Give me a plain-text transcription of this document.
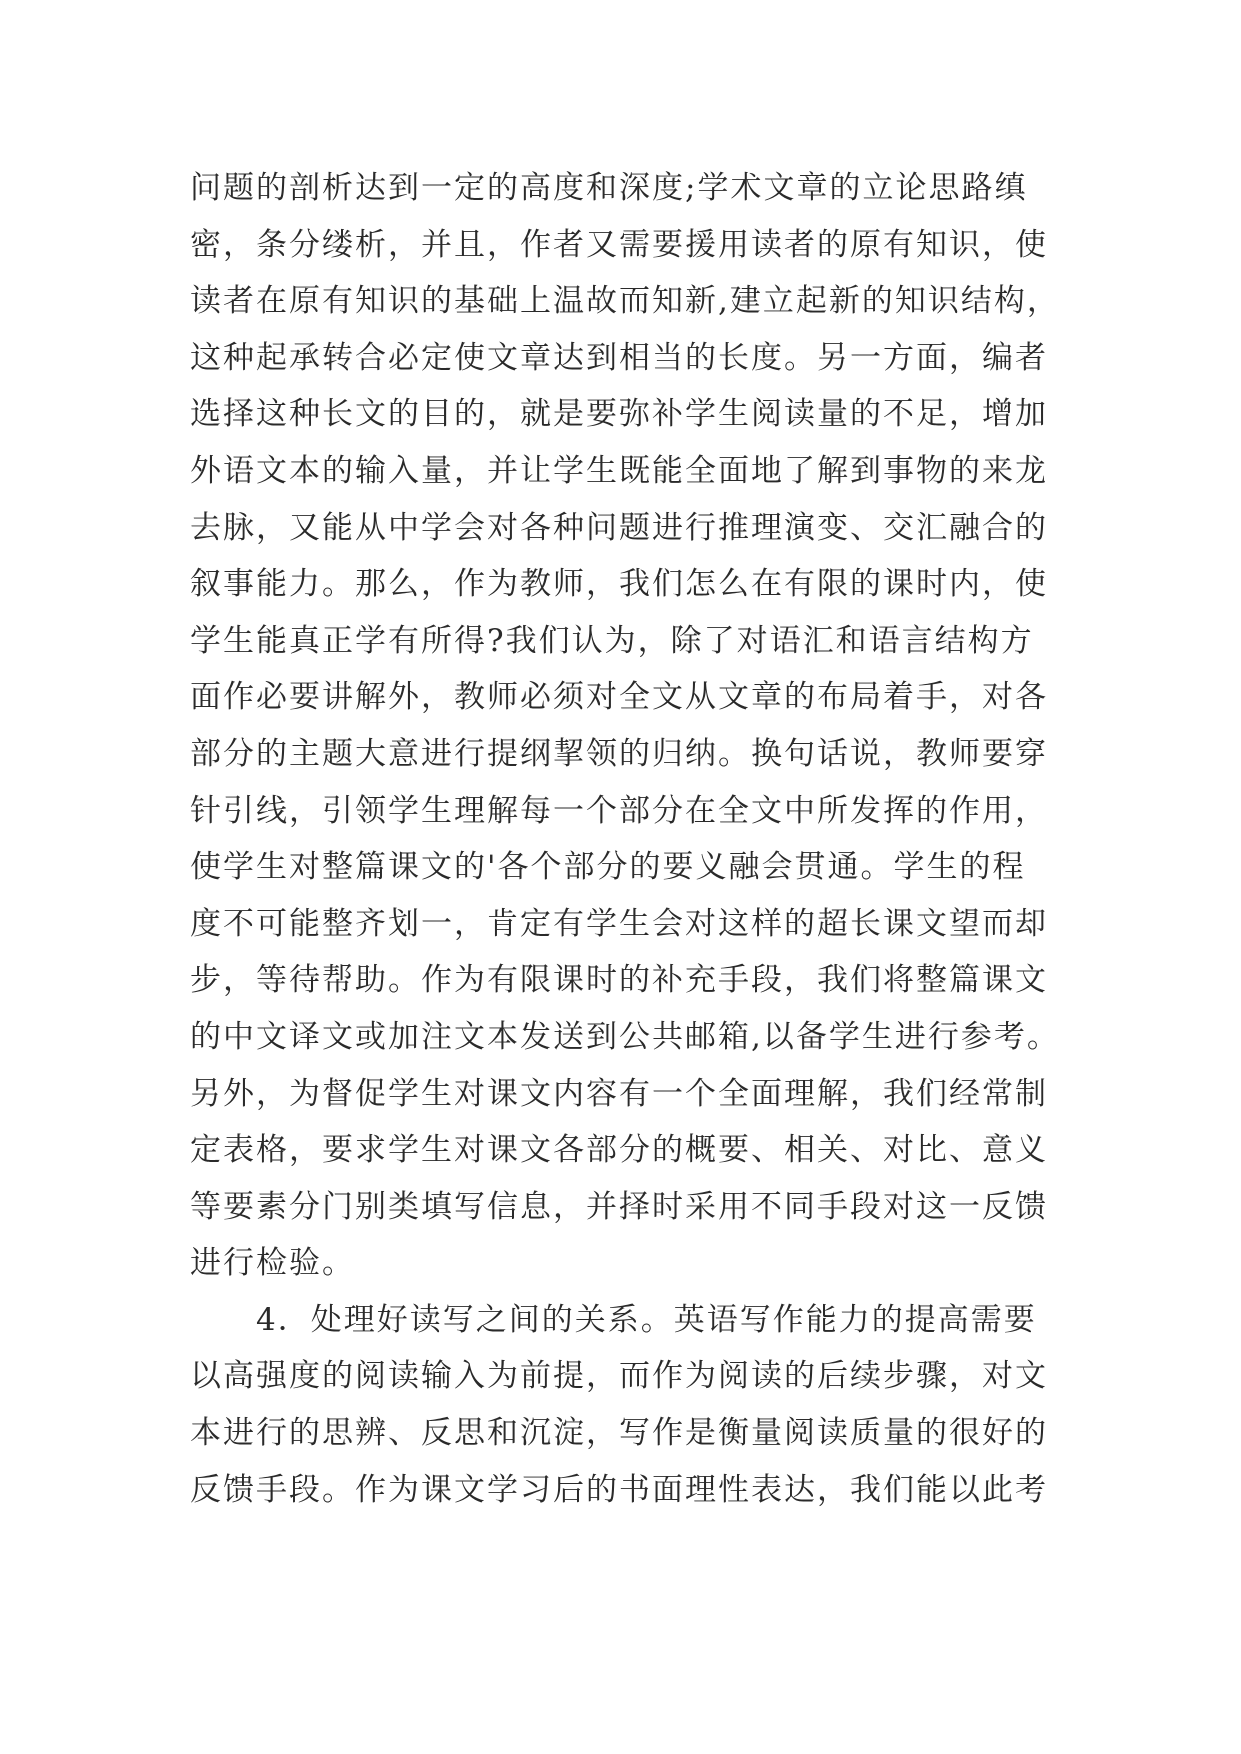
问题的剖析达到一定的高度和深度;学术文章的立论思路缜
密，条分缕析，并且，作者又需要援用读者的原有知识，使
读者在原有知识的基础上温故而知新,建立起新的知识结构，
这种起承转合必定使文章达到相当的长度。另一方面，编者
选择这种长文的目的，就是要弥补学生阅读量的不足，增加
外语文本的输入量，并让学生既能全面地了解到事物的来龙
去脉，又能从中学会对各种问题进行推理演变、交汇融合的
叙事能力。那么，作为教师，我们怎么在有限的课时内，使
学生能真正学有所得?我们认为，除了对语汇和语言结构方
面作必要讲解外，教师必须对全文从文章的布局着手，对各
部分的主题大意进行提纲挈领的归纳。换句话说，教师要穿
针引线，引领学生理解每一个部分在全文中所发挥的作用，
使学生对整篇课文的'各个部分的要义融会贯通。学生的程
度不可能整齐划一，肯定有学生会对这样的超长课文望而却
步，等待帮助。作为有限课时的补充手段，我们将整篇课文
的中文译文或加注文本发送到公共邮箱,以备学生进行参考。
另外，为督促学生对课文内容有一个全面理解，我们经常制
定表格，要求学生对课文各部分的概要、相关、对比、意义
等要素分门别类填写信息，并择时采用不同手段对这一反馈
进行检验。
　　4．处理好读写之间的关系。英语写作能力的提高需要
以高强度的阅读输入为前提，而作为阅读的后续步骤，对文
本进行的思辨、反思和沉淀，写作是衡量阅读质量的很好的
反馈手段。作为课文学习后的书面理性表达，我们能以此考
